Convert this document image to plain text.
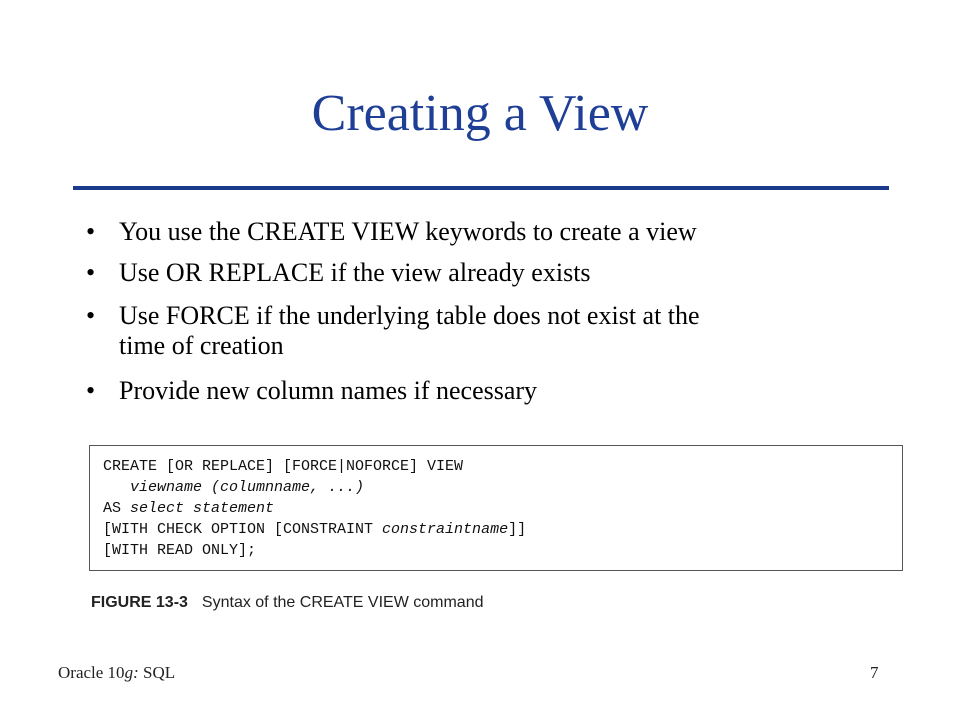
Creating a View
• You use the CREATE VIEW keywords to create a view
• Use OR REPLACE if the view already exists
• Use FORCE if the underlying table does not exist at the
time of creation
• Provide new column names if necessary
CREATE [OR REPLACE] [FORCE|NOFORCE] VIEW
viewname (columnname, ...)
AS select statement
[WITH CHECK OPTION [CONSTRAINT constraintname]]
[WITH READ ONLY];
FIGURE 13-3 Syntax of the CREATE VIEW command
Oracle 10g: SQL	7
